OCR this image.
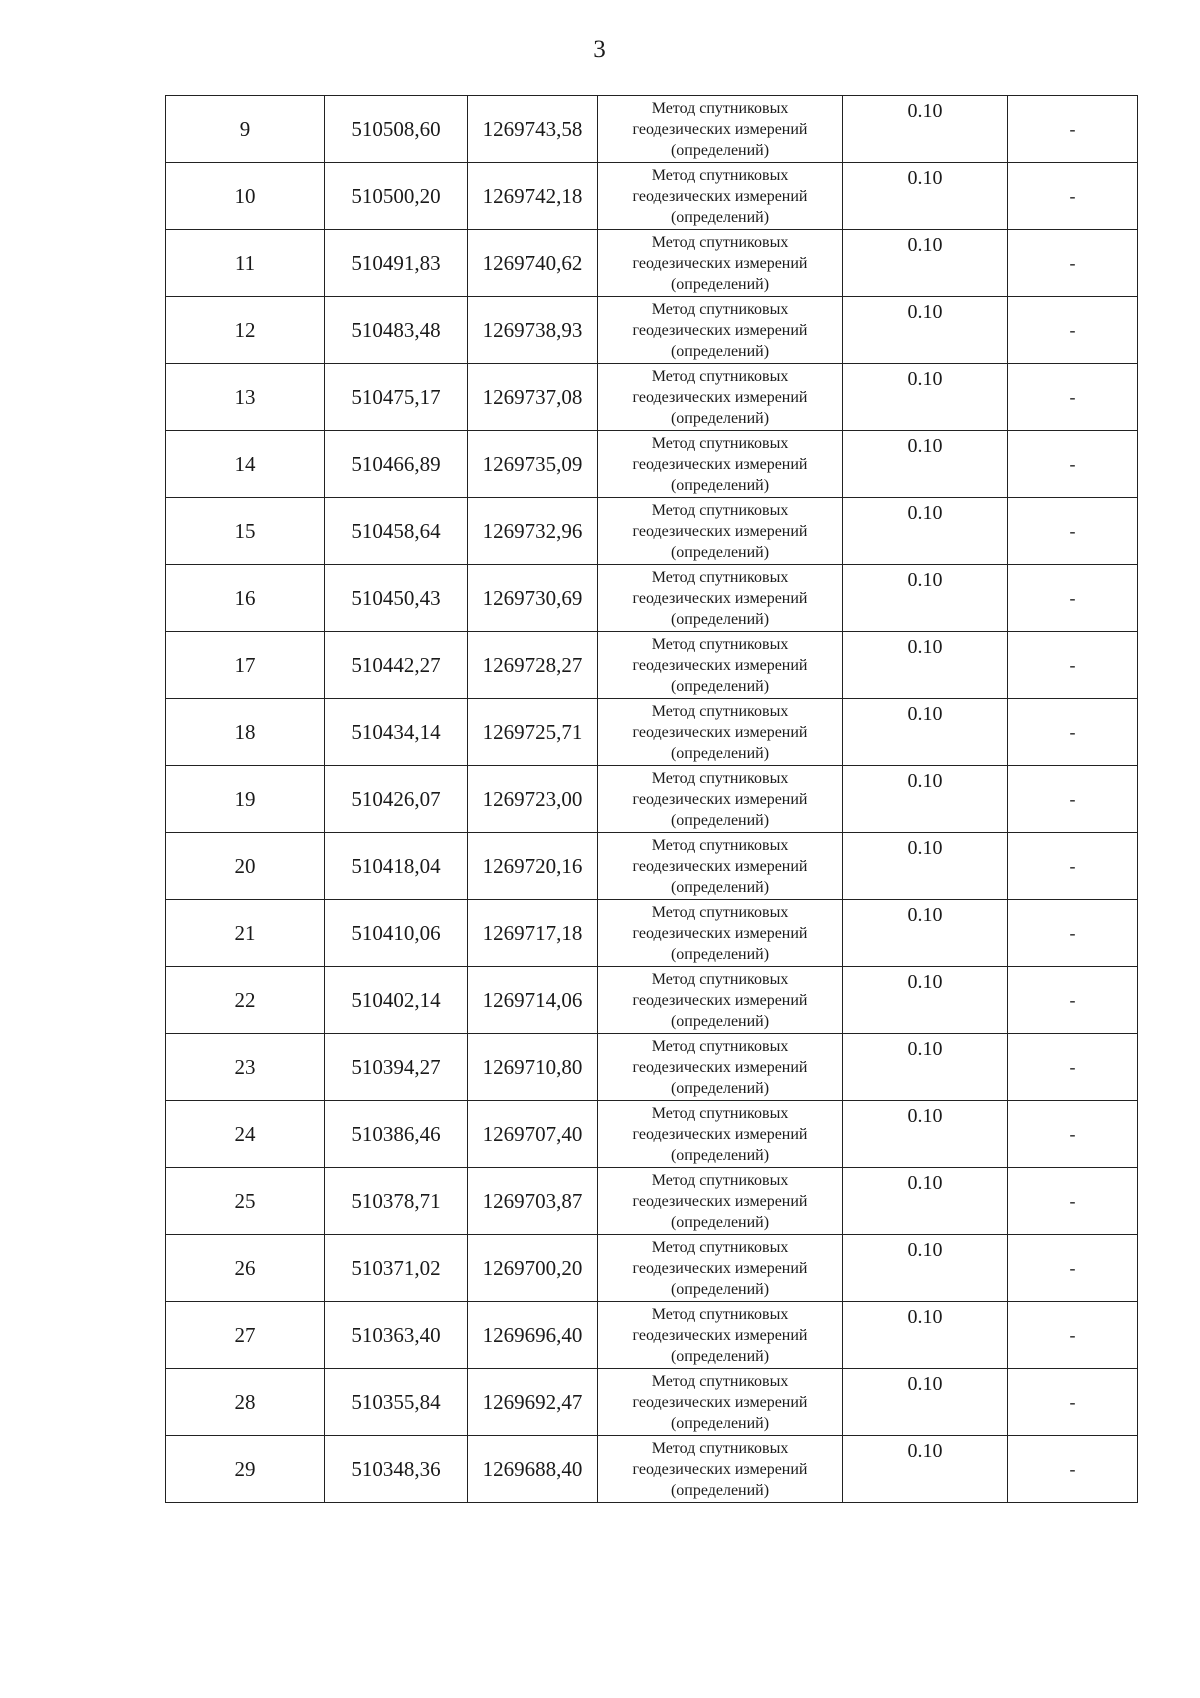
3
9	510508,60	1269743,58	Метод спутниковых
геодезических измерений
(определений)	0.10	-
10	510500,20	1269742,18	Метод спутниковых
геодезических измерений
(определений)	0.10	-
11	510491,83	1269740,62	Метод спутниковых
геодезических измерений
(определений)	0.10	-
12	510483,48	1269738,93	Метод спутниковых
геодезических измерений
(определений)	0.10	-
13	510475,17	1269737,08	Метод спутниковых
геодезических измерений
(определений)	0.10	-
14	510466,89	1269735,09	Метод спутниковых
геодезических измерений
(определений)	0.10	-
15	510458,64	1269732,96	Метод спутниковых
геодезических измерений
(определений)	0.10	-
16	510450,43	1269730,69	Метод спутниковых
геодезических измерений
(определений)	0.10	-
17	510442,27	1269728,27	Метод спутниковых
геодезических измерений
(определений)	0.10	-
18	510434,14	1269725,71	Метод спутниковых
геодезических измерений
(определений)	0.10	-
19	510426,07	1269723,00	Метод спутниковых
геодезических измерений
(определений)	0.10	-
20	510418,04	1269720,16	Метод спутниковых
геодезических измерений
(определений)	0.10	-
21	510410,06	1269717,18	Метод спутниковых
геодезических измерений
(определений)	0.10	-
22	510402,14	1269714,06	Метод спутниковых
геодезических измерений
(определений)	0.10	-
23	510394,27	1269710,80	Метод спутниковых
геодезических измерений
(определений)	0.10	-
24	510386,46	1269707,40	Метод спутниковых
геодезических измерений
(определений)	0.10	-
25	510378,71	1269703,87	Метод спутниковых
геодезических измерений
(определений)	0.10	-
26	510371,02	1269700,20	Метод спутниковых
геодезических измерений
(определений)	0.10	-
27	510363,40	1269696,40	Метод спутниковых
геодезических измерений
(определений)	0.10	-
28	510355,84	1269692,47	Метод спутниковых
геодезических измерений
(определений)	0.10	-
29	510348,36	1269688,40	Метод спутниковых
геодезических измерений
(определений)	0.10	-
